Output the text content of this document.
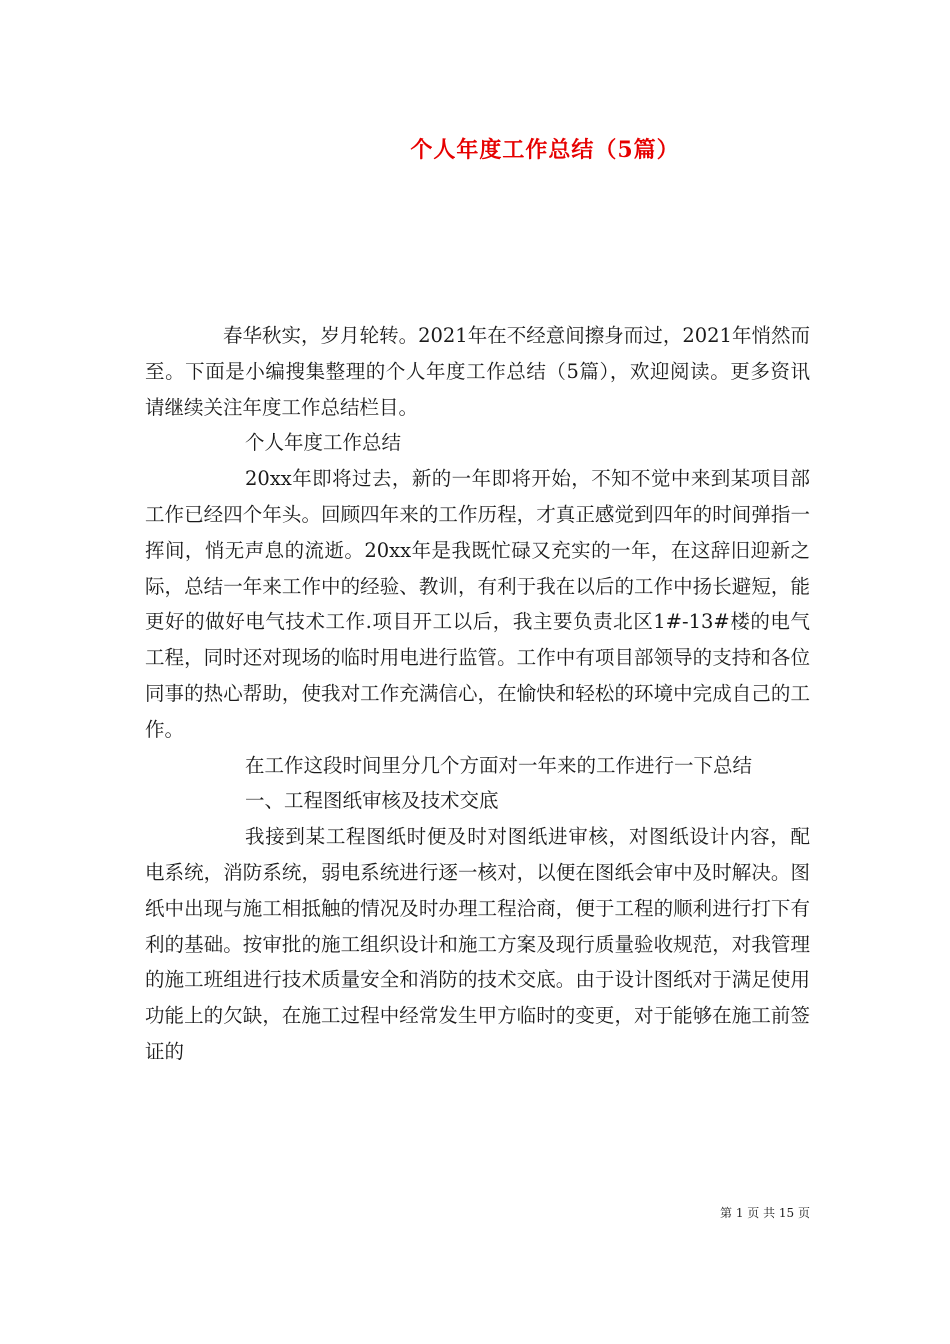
个人年度工作总结（5篇）

春华秋实，岁月轮转。2021年在不经意间擦身而过，2021年悄然而至。下面是小编搜集整理的个人年度工作总结（5篇），欢迎阅读。更多资讯请继续关注年度工作总结栏目。

个人年度工作总结

20xx年即将过去，新的一年即将开始，不知不觉中来到某项目部工作已经四个年头。回顾四年来的工作历程，才真正感觉到四年的时间弹指一挥间，悄无声息的流逝。20xx年是我既忙碌又充实的一年，在这辞旧迎新之际，总结一年来工作中的经验、教训，有利于我在以后的工作中扬长避短，能更好的做好电气技术工作.项目开工以后，我主要负责北区1#-13#楼的电气工程，同时还对现场的临时用电进行监管。工作中有项目部领导的支持和各位同事的热心帮助，使我对工作充满信心，在愉快和轻松的环境中完成自己的工作。

在工作这段时间里分几个方面对一年来的工作进行一下总结

一、工程图纸审核及技术交底

我接到某工程图纸时便及时对图纸进审核，对图纸设计内容，配电系统，消防系统，弱电系统进行逐一核对，以便在图纸会审中及时解决。图纸中出现与施工相抵触的情况及时办理工程洽商，便于工程的顺利进行打下有利的基础。按审批的施工组织设计和施工方案及现行质量验收规范，对我管理的施工班组进行技术质量安全和消防的技术交底。由于设计图纸对于满足使用功能上的欠缺，在施工过程中经常发生甲方临时的变更，对于能够在施工前签证的

第 1 页 共 15 页
